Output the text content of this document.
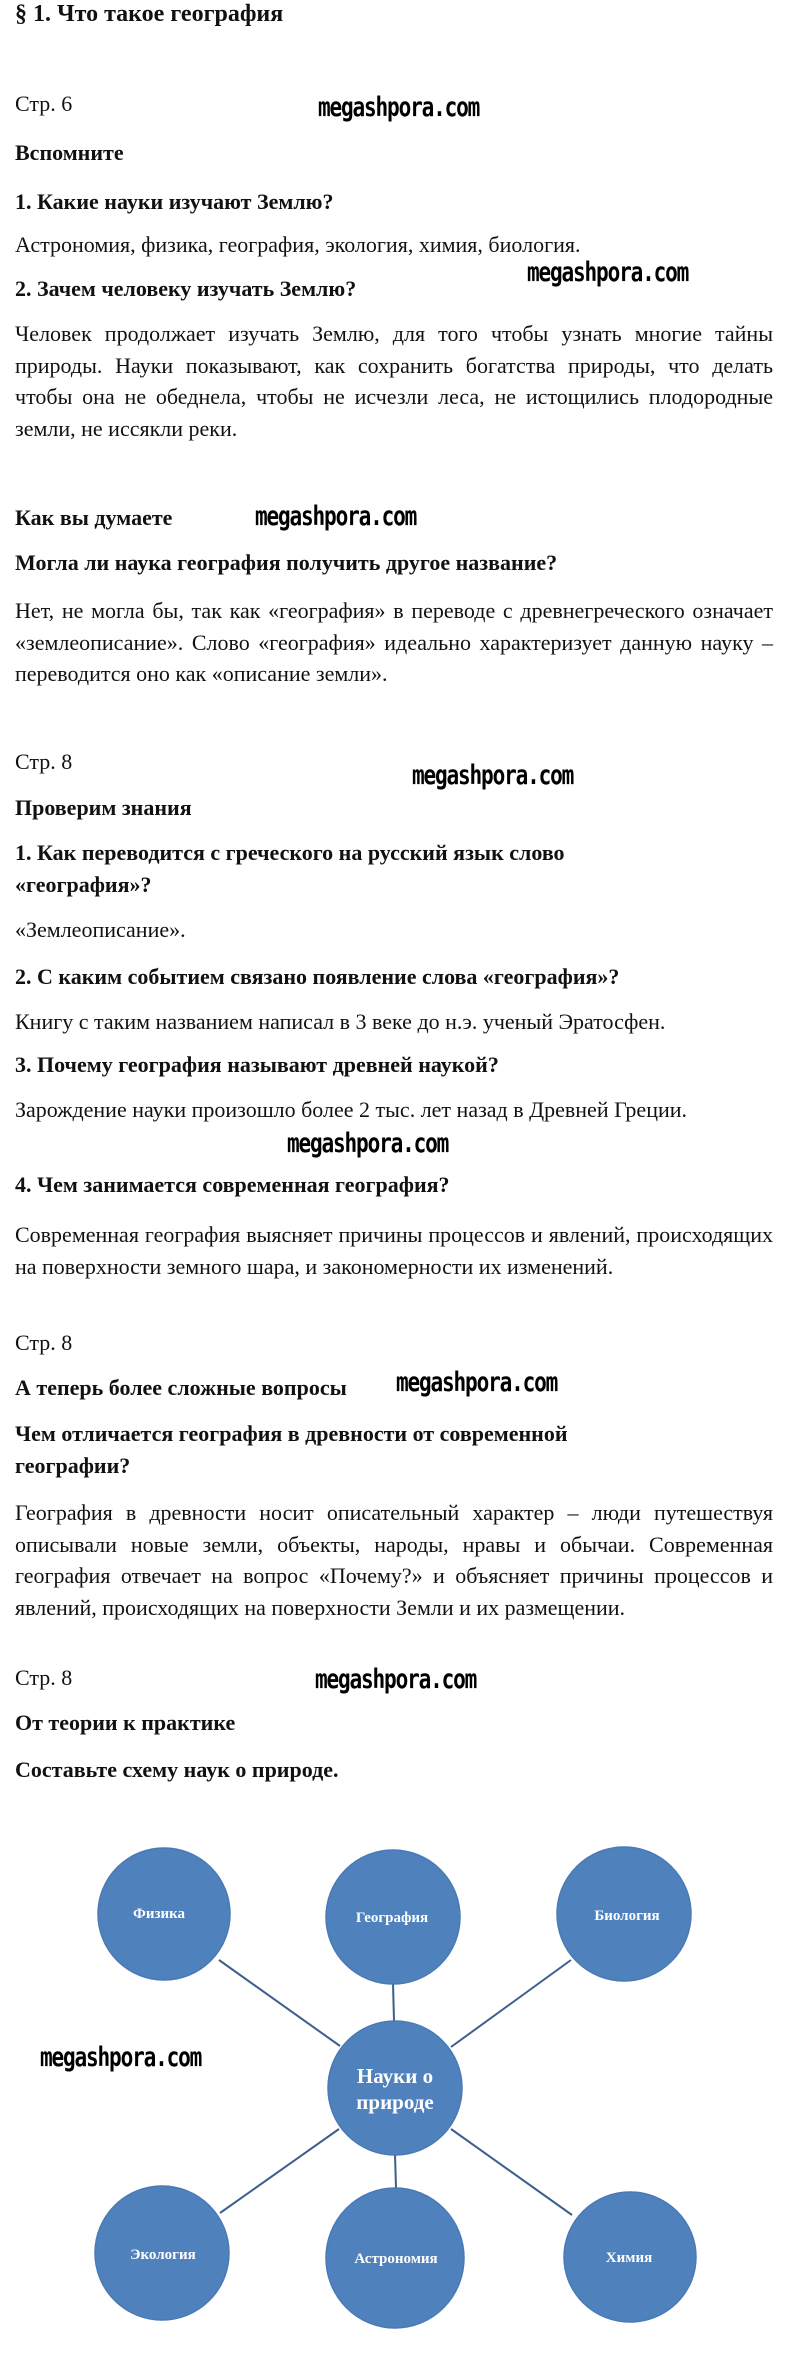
§ 1. Что такое география
Стр. 6	megashpora.com
Вспомните
1. Какие науки изучают Землю?
Астрономия, физика, география, экология, химия, биология.
megashpora.com
2. Зачем человеку изучать Землю?
Человек продолжает изучать Землю, для того чтобы узнать многие тайны природы. Науки показывают, как сохранить богатства природы, что делать чтобы она не обеднела, чтобы не исчезли леса, не истощились плодородные земли, не иссякли реки.
Как вы думаете	megashpora.com
Могла ли наука география получить другое название?
Нет, не могла бы, так как «география» в переводе с древнегреческого означает «землеописание». Слово «география» идеально характеризует данную науку – переводится оно как «описание земли».
Стр. 8	megashpora.com
Проверим знания
1. Как переводится с греческого на русский язык слово «география»?
«Землеописание».
2. С каким событием связано появление слова «география»?
Книгу с таким названием написал в 3 веке до н.э. ученый Эратосфен.
3. Почему география называют древней наукой?
Зарождение науки произошло более 2 тыс. лет назад в Древней Греции.
megashpora.com
4. Чем занимается современная география?
Современная география выясняет причины процессов и явлений, происходящих на поверхности земного шара, и закономерности их изменений.
Стр. 8
А теперь более сложные вопросы megashpora.com
Чем отличается география в древности от современной географии?
География в древности носит описательный характер – люди путешествуя описывали новые земли, объекты, народы, нравы и обычаи. Современная география отвечает на вопрос «Почему?» и объясняет причины процессов и явлений, происходящих на поверхности Земли и их размещении.
Стр. 8	megashpora.com
От теории к практике
Составьте схему наук о природе.
Физика	География	Биология
Науки о
природе
Экология	Астрономия	Химия
megashpora.com
